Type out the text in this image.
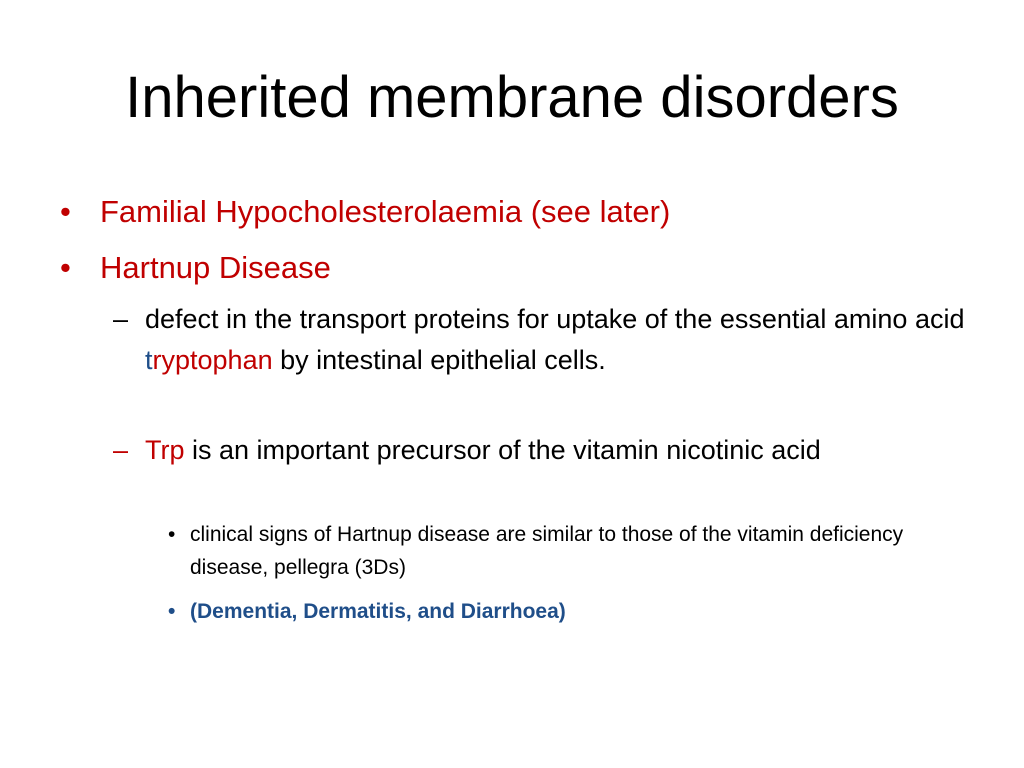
Inherited membrane disorders
• Familial Hypocholesterolaemia (see later)
• Hartnup Disease
– defect in the transport proteins for uptake of the essential amino acid tryptophan by intestinal epithelial cells.
– Trp is an important precursor of the vitamin nicotinic acid
• clinical signs of Hartnup disease are similar to those of the vitamin deficiency disease, pellegra (3Ds)
• (Dementia, Dermatitis, and Diarrhoea)
